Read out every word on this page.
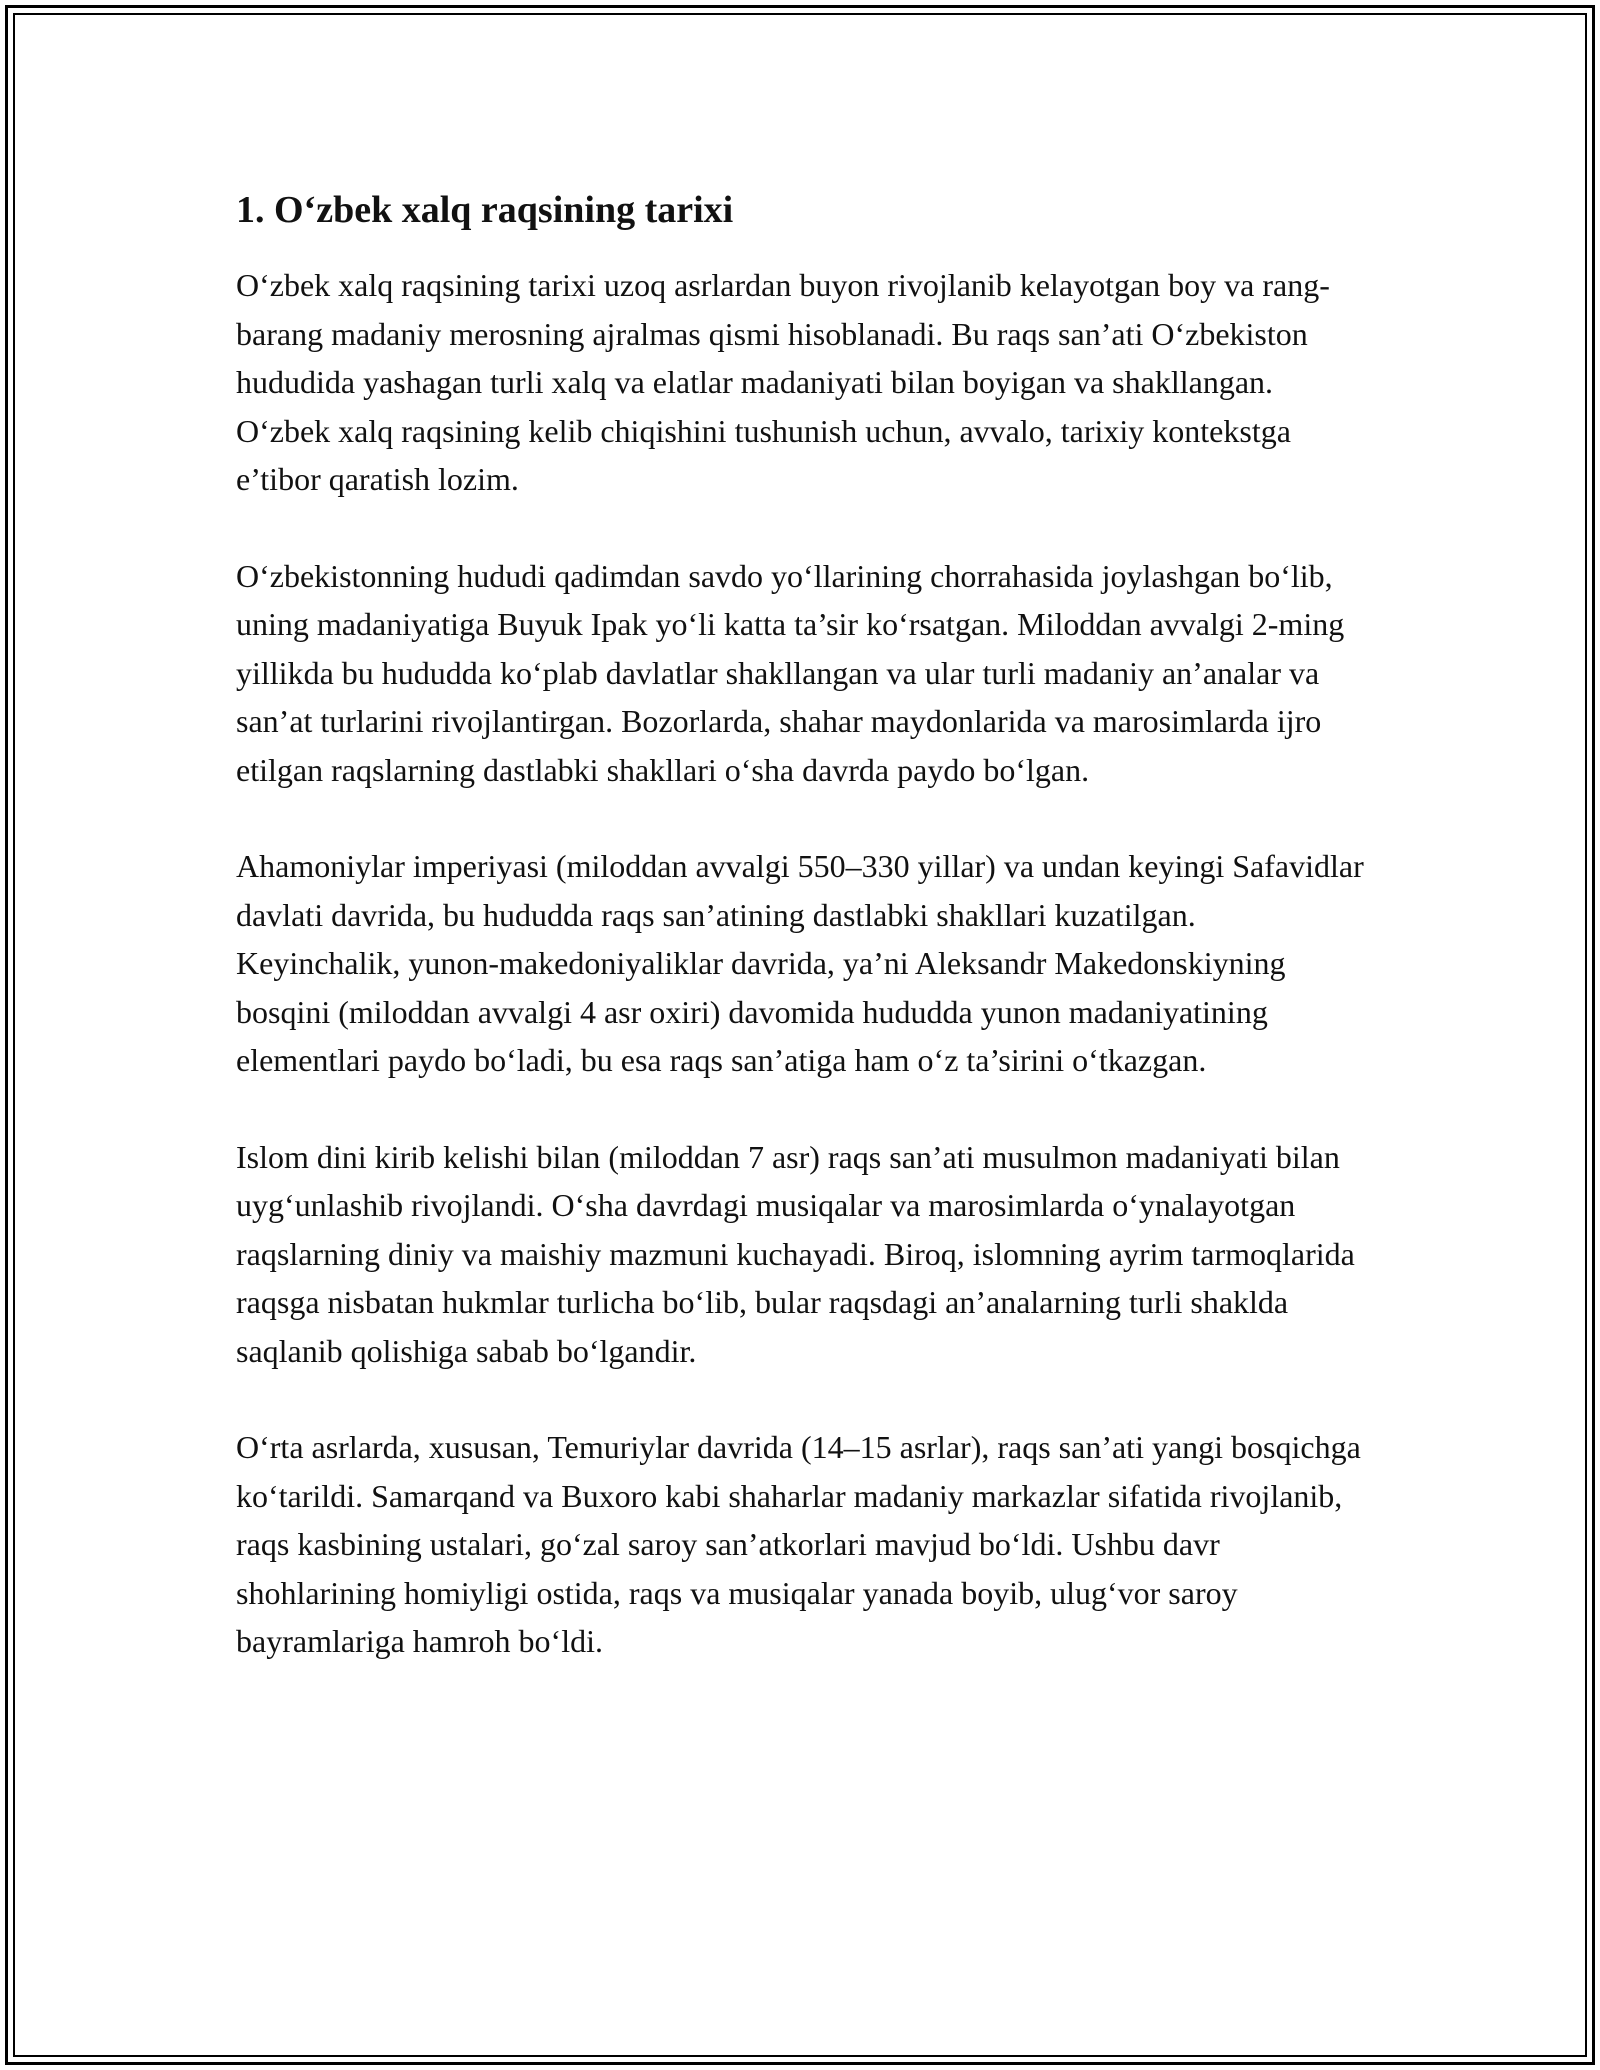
1. O‘zbek xalq raqsining tarixi

O‘zbek xalq raqsining tarixi uzoq asrlardan buyon rivojlanib kelayotgan boy va rang-barang madaniy merosning ajralmas qismi hisoblanadi. Bu raqs san’ati O‘zbekiston hududida yashagan turli xalq va elatlar madaniyati bilan boyigan va shakllangan. O‘zbek xalq raqsining kelib chiqishini tushunish uchun, avvalo, tarixiy kontekstga e’tibor qaratish lozim.

O‘zbekistonning hududi qadimdan savdo yo‘llarining chorrahasida joylashgan bo‘lib, uning madaniyatiga Buyuk Ipak yo‘li katta ta’sir ko‘rsatgan. Miloddan avvalgi 2-ming yillikda bu hududda ko‘plab davlatlar shakllangan va ular turli madaniy an’analar va san’at turlarini rivojlantirgan. Bozorlarda, shahar maydonlarida va marosimlarda ijro etilgan raqslarning dastlabki shakllari o‘sha davrda paydo bo‘lgan.

Ahamoniylar imperiyasi (miloddan avvalgi 550–330 yillar) va undan keyingi Safavidlar davlati davrida, bu hududda raqs san’atining dastlabki shakllari kuzatilgan. Keyinchalik, yunon-makedoniyaliklar davrida, ya’ni Aleksandr Makedonskiyning bosqini (miloddan avvalgi 4 asr oxiri) davomida hududda yunon madaniyatining elementlari paydo bo‘ladi, bu esa raqs san’atiga ham o‘z ta’sirini o‘tkazgan.

Islom dini kirib kelishi bilan (miloddan 7 asr) raqs san’ati musulmon madaniyati bilan uyg‘unlashib rivojlandi. O‘sha davrdagi musiqalar va marosimlarda o‘ynalayotgan raqslarning diniy va maishiy mazmuni kuchayadi. Biroq, islomning ayrim tarmoqlarida raqsga nisbatan hukmlar turlicha bo‘lib, bular raqsdagi an’analarning turli shaklda saqlanib qolishiga sabab bo‘lgandir.

O‘rta asrlarda, xususan, Temuriylar davrida (14–15 asrlar), raqs san’ati yangi bosqichga ko‘tarildi. Samarqand va Buxoro kabi shaharlar madaniy markazlar sifatida rivojlanib, raqs kasbining ustalari, go‘zal saroy san’atkorlari mavjud bo‘ldi. Ushbu davr shohlarining homiyligi ostida, raqs va musiqalar yanada boyib, ulug‘vor saroy bayramlariga hamroh bo‘ldi.
